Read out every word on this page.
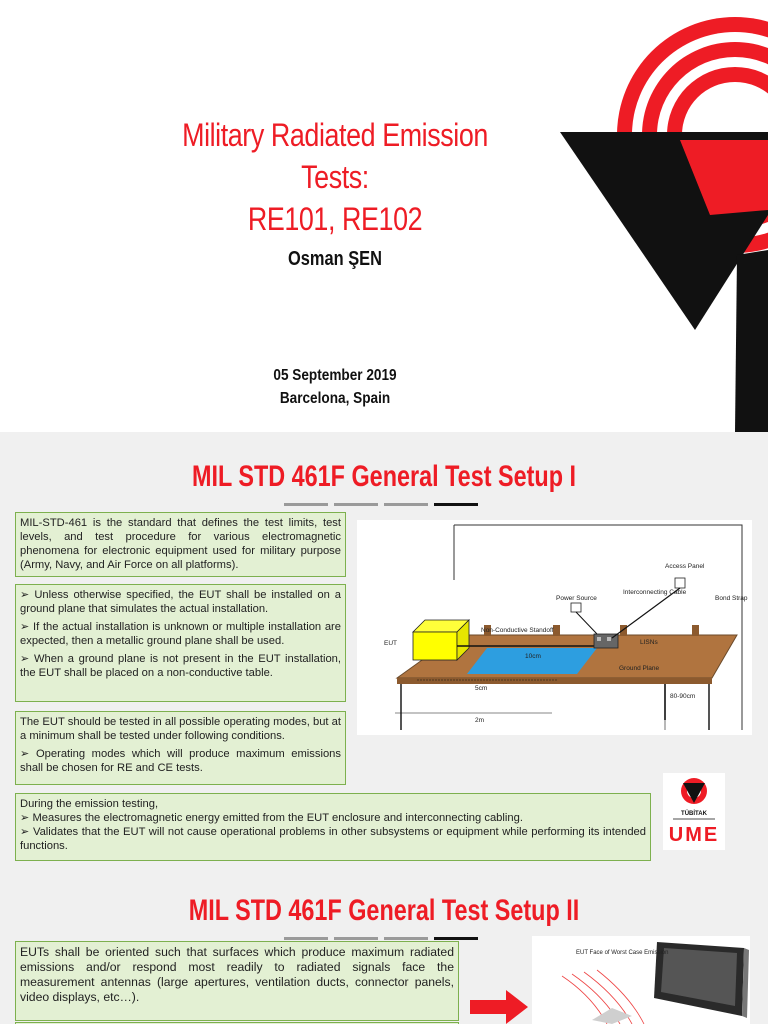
Military Radiated Emission Tests:
RE101, RE102
Osman ŞEN
05 September 2019
Barcelona, Spain
MIL STD 461F General Test Setup I

MIL-STD-461 is the standard that defines the test limits, test levels, and test procedure for various electromagnetic phenomena for electronic equipment used for military purpose (Army, Navy, and Air Force on all platforms).

➢ Unless otherwise specified, the EUT shall be installed on a ground plane that simulates the actual installation.

➢ If the actual installation is unknown or multiple installation are expected, then a metallic ground plane shall be used.

➢ When a ground plane is not present in the EUT installation, the EUT shall be placed on a non-conductive table.

The EUT should be tested in all possible operating modes, but at a minimum shall be tested under following conditions.

➢ Operating modes which will produce maximum emissions shall be chosen for RE and CE tests.

During the emission testing,

➢ Measures the electromagnetic energy emitted from the EUT enclosure and interconnecting cabling.

➢ Validates that the EUT will not cause operational problems in other subsystems or equipment while performing its intended functions.

Access Panel
Interconnecting Cable
Power Source	Bond Strap
EUT
Non-Conductive Standoff
LISNs
Ground Plane
10cm
5cm
2m
80-90cm
TÜBİTAK
UME
MIL STD 461F General Test Setup II

EUTs shall be oriented such that surfaces which produce maximum radiated emissions and/or respond most readily to radiated signals face the measurement antennas (large apertures, ventilation ducts, connector panels, video displays, etc…).

EUT Face of Worst Case Emission
